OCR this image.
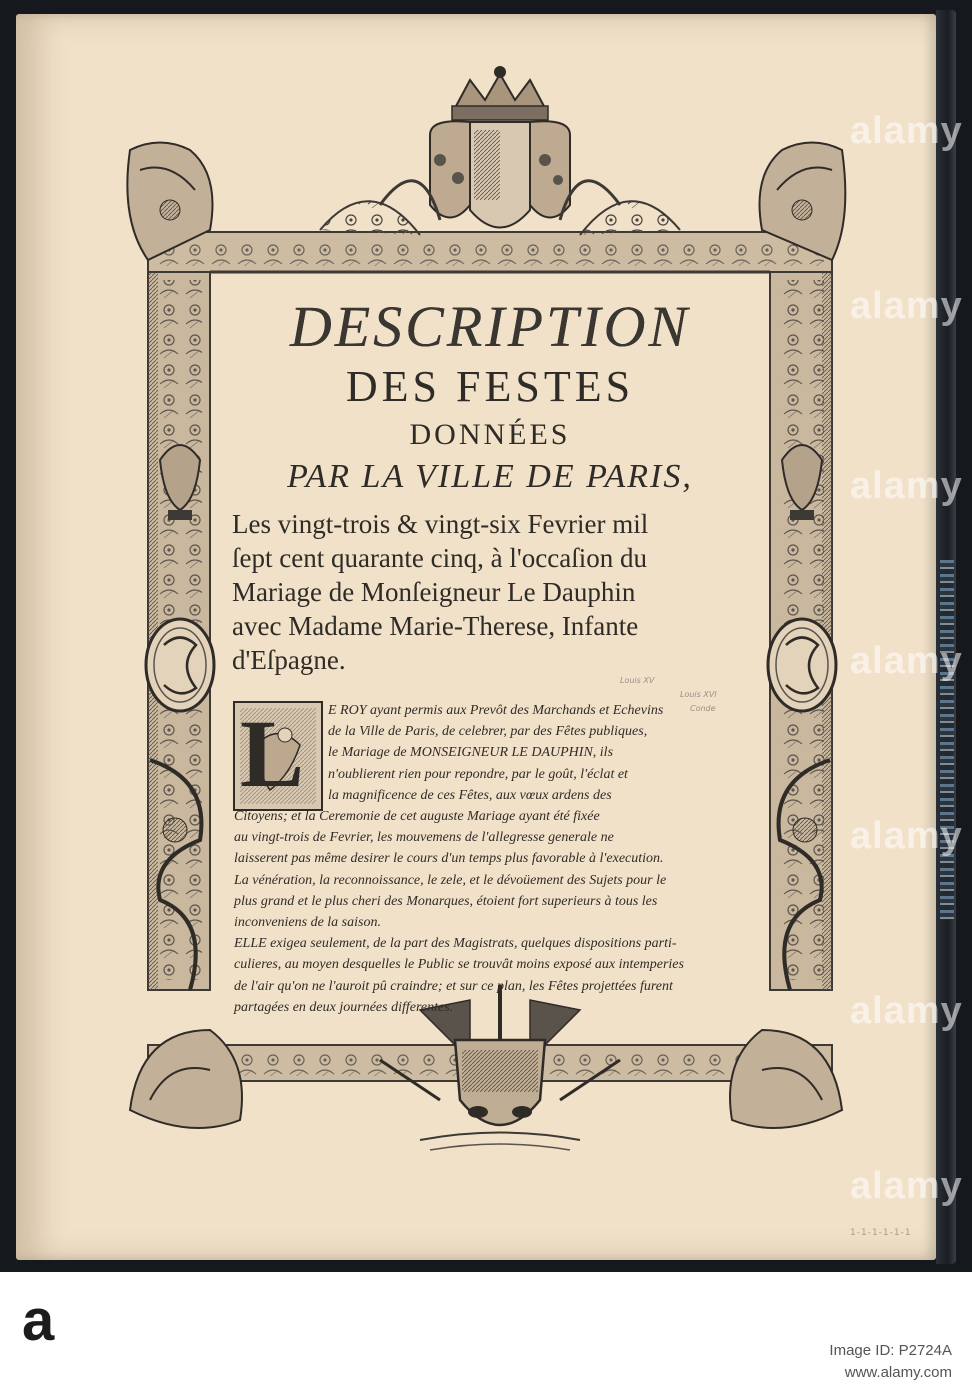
DESCRIPTION

DES FESTES

DONNÉES

PAR LA VILLE DE PARIS,

Les vingt-trois & vingt-six Fevrier mil
ſept cent quarante cinq, à l'occaſion du
Mariage de Monſeigneur Le Dauphin
avec Madame Marie-Therese, Infante
d'Eſpagne.
Louis XV
Louis XVI
Conde
L	E ROY ayant permis aux Prevôt des Marchands et Echevins
de la Ville de Paris, de celebrer, par des Fêtes publiques,
le Mariage de MONSEIGNEUR LE DAUPHIN, ils
n'oublierent rien pour repondre, par le goût, l'éclat et
la magnificence de ces Fêtes, aux vœux ardens des
Citoyens; et la Ceremonie de cet auguste Mariage ayant été fixée
au vingt-trois de Fevrier, les mouvemens de l'allegresse generale ne
laisserent pas même desirer le cours d'un temps plus favorable à l'execution.
La vénération, la reconnoissance, le zele, et le dévoüement des Sujets pour le
plus grand et le plus cheri des Monarques, étoient fort superieurs à tous les
inconveniens de la saison.
ELLE exigea seulement, de la part des Magistrats, quelques dispositions parti-
culieres, au moyen desquelles le Public se trouvât moins exposé aux intemperies
de l'air qu'on ne l'auroit pû craindre; et sur ce plan, les Fêtes projettées furent
partagées en deux journées differentes.
1-1-1-1-1-1
alamy
alamy
alamy
alamy
alamy
alamy
alamy
a	Image ID: P2724A
www.alamy.com
